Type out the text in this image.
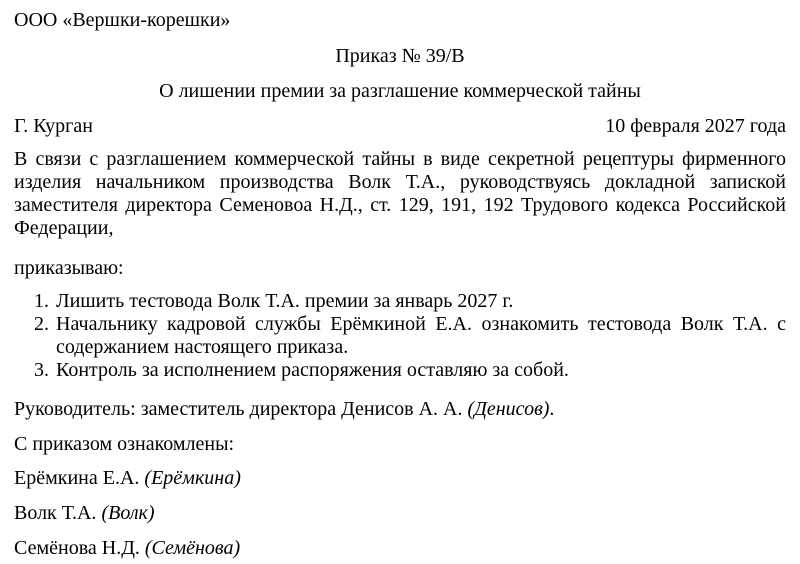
ООО «Вершки-корешки»
Приказ № 39/В
О лишении премии за разглашение коммерческой тайны
Г. Курган	10 февраля 2027 года
В связи с разглашением коммерческой тайны в виде секретной рецептуры фирменного изделия начальником производства Волк Т.А., руководствуясь докладной запиской заместителя директора Семеновоа Н.Д., ст. 129, 191, 192 Трудового кодекса Российской Федерации,
приказываю:
1. Лишить тестовода Волк Т.А. премии за январь 2027 г.
2. Начальнику кадровой службы Ерёмкиной Е.А. ознакомить тестовода Волк Т.А. с содержанием настоящего приказа.
3. Контроль за исполнением распоряжения оставляю за собой.
Руководитель: заместитель директора Денисов А. А. (Денисов).
С приказом ознакомлены:
Ерёмкина Е.А. (Ерёмкина)
Волк Т.А. (Волк)
Семёнова Н.Д. (Семёнова)
